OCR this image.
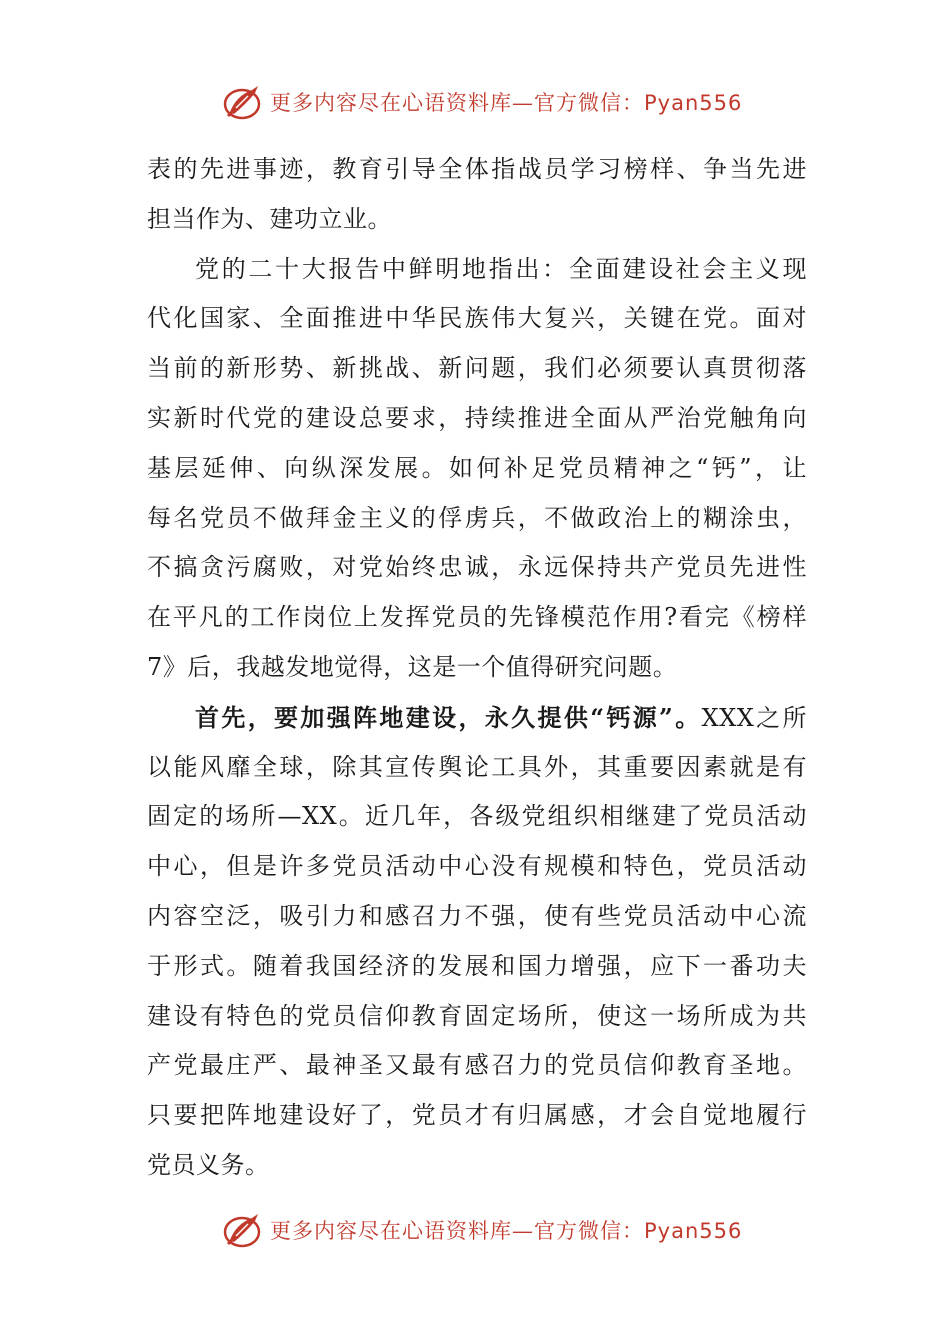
更多内容尽在心语资料库—官方微信：Pyan556
表的先进事迹，教育引导全体指战员学习榜样、争当先进
担当作为、建功立业。
党的二十大报告中鲜明地指出：全面建设社会主义现
代化国家、全面推进中华民族伟大复兴，关键在党。面对
当前的新形势、新挑战、新问题，我们必须要认真贯彻落
实新时代党的建设总要求，持续推进全面从严治党触角向
基层延伸、向纵深发展。如何补足党员精神之“钙”，让
每名党员不做拜金主义的俘虏兵，不做政治上的糊涂虫，
不搞贪污腐败，对党始终忠诚，永远保持共产党员先进性
在平凡的工作岗位上发挥党员的先锋模范作用?看完《榜样
7》后，我越发地觉得，这是一个值得研究问题。
首先，要加强阵地建设，永久提供“钙源”。XXX之所
以能风靡全球，除其宣传舆论工具外，其重要因素就是有
固定的场所—XX。近几年，各级党组织相继建了党员活动
中心，但是许多党员活动中心没有规模和特色，党员活动
内容空泛，吸引力和感召力不强，使有些党员活动中心流
于形式。随着我国经济的发展和国力增强，应下一番功夫
建设有特色的党员信仰教育固定场所，使这一场所成为共
产党最庄严、最神圣又最有感召力的党员信仰教育圣地。
只要把阵地建设好了，党员才有归属感，才会自觉地履行
党员义务。
更多内容尽在心语资料库—官方微信：Pyan556
